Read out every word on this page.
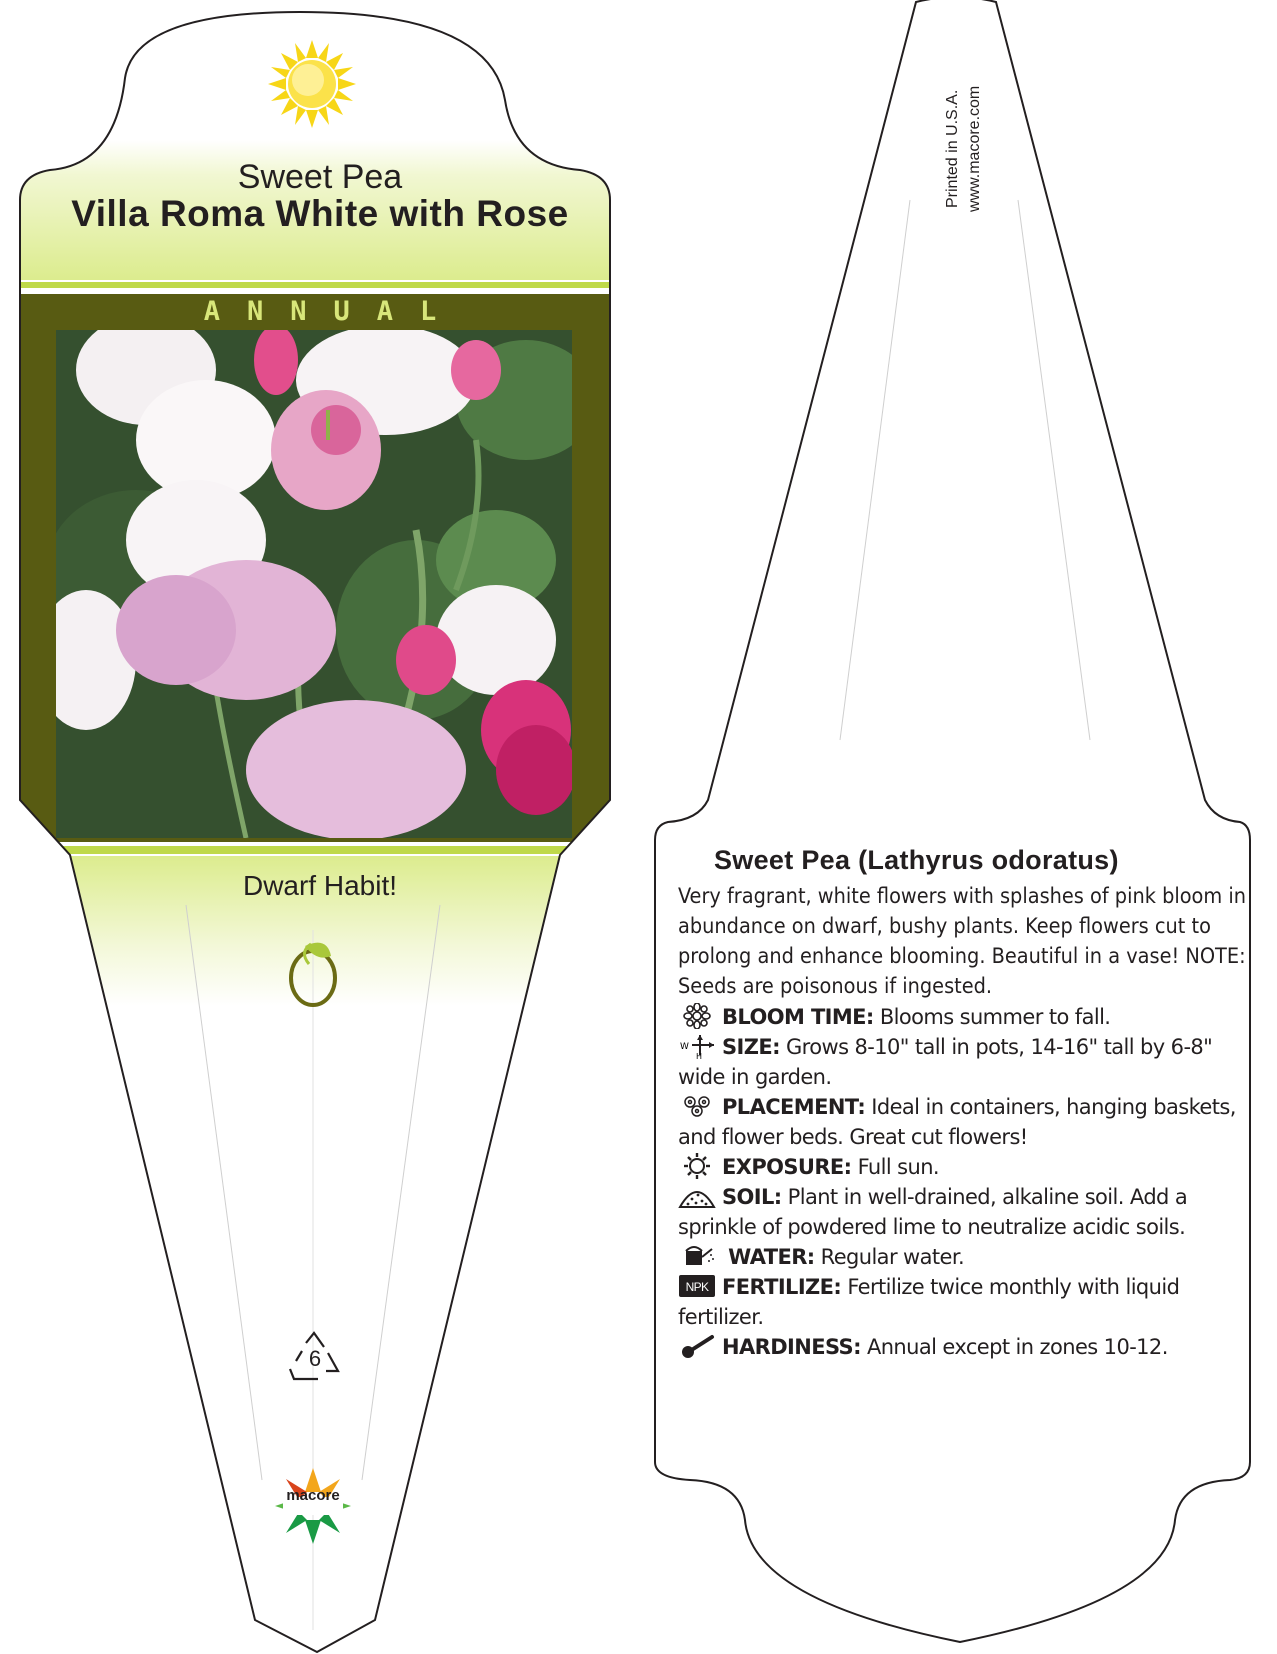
Sweet Pea
Villa Roma White with Rose
ANNUAL
Dwarf Habit!
6
macore
Printed in U.S.A. www.macore.com
Sweet Pea (Lathyrus odoratus)

Very fragrant, white flowers with splashes of pink bloom in abundance on dwarf, bushy plants. Keep flowers cut to prolong and enhance blooming. Beautiful in a vase! NOTE: Seeds are poisonous if ingested.

BLOOM TIME: Blooms summer to fall.
W
H SIZE: Grows 8-10" tall in pots, 14-16" tall by 6-8" wide in garden.
PLACEMENT: Ideal in containers, hanging baskets, and flower beds. Great cut flowers!
EXPOSURE: Full sun.
SOIL: Plant in well-drained, alkaline soil. Add a sprinkle of powdered lime to neutralize acidic soils.
WATER: Regular water.
NPK FERTILIZE: Fertilize twice monthly with liquid fertilizer.
HARDINESS: Annual except in zones 10-12.
